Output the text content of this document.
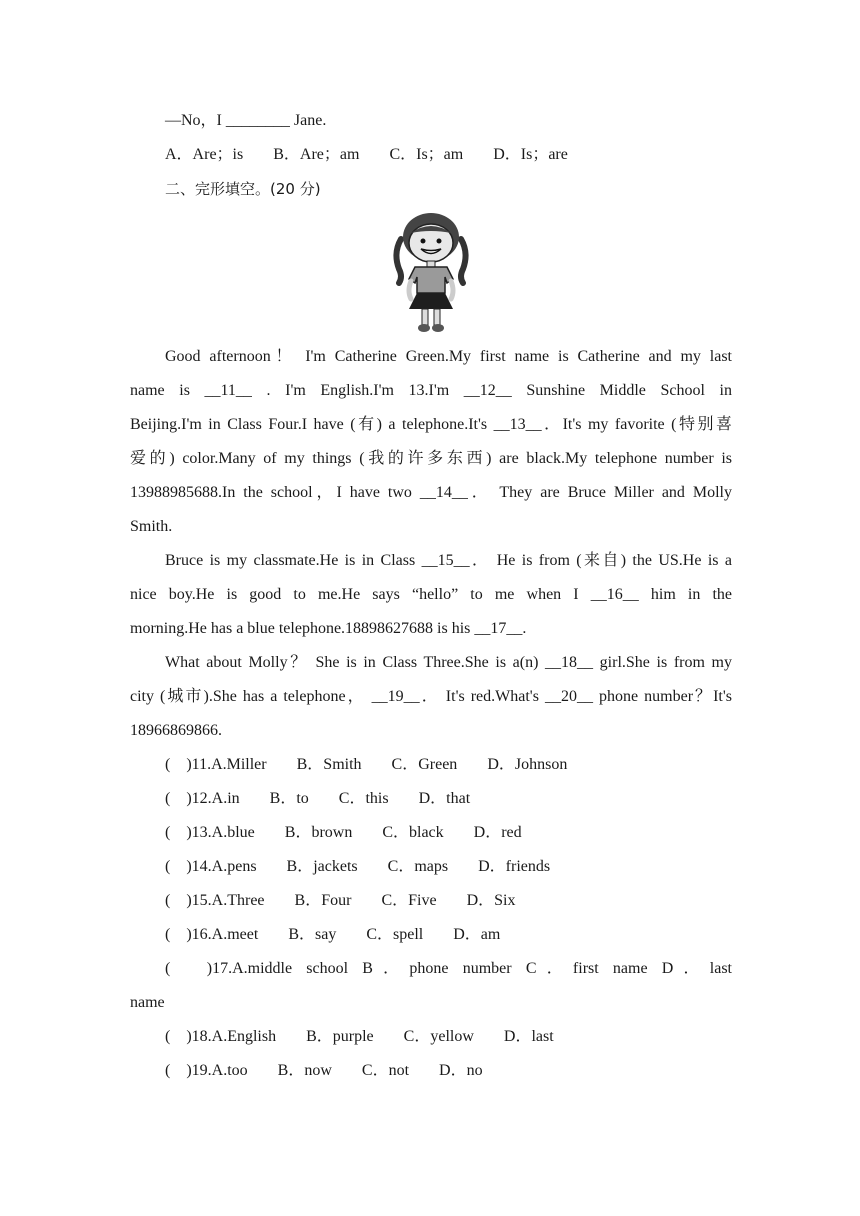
—No，I ________ Jane.
A．Are；is B．Are；am C．Is；am D．Is；are
二、完形填空。(20 分)
Good afternoon！ I'm Catherine Green.My first name is Catherine and my last
name is __11__ . I'm English.I'm 13.I'm __12__ Sunshine Middle School in
Beijing.I'm in Class Four.I have (有) a telephone.It's __13__．It's my favorite (特别喜
爱的) color.Many of my things (我的许多东西) are black.My telephone number is
13988985688.In the school，I have two __14__． They are Bruce Miller and Molly
Smith.
Bruce is my classmate.He is in Class __15__． He is from (来自) the US.He is a
nice boy.He is good to me.He says “hello” to me when I __16__ him in the
morning.He has a blue telephone.18898627688 is his __17__.
What about Molly？ She is in Class Three.She is a(n) __18__ girl.She is from my
city (城市).She has a telephone， __19__． It's red.What's __20__ phone number？It's
18966869866.
(　)11.A.Miller B．Smith C．Green D．Johnson
(　)12.A.in B．to C．this D．that
(　)13.A.blue B．brown C．black D．red
(　)14.A.pens B．jackets C．maps D．friends
(　)15.A.Three B．Four C．Five D．Six
(　)16.A.meet B．say C．spell D．am
(　)17.A.middle school B．phone number C．first name D．last
name
(　)18.A.English B．purple C．yellow D．last
(　)19.A.too B．now C．not D．no
